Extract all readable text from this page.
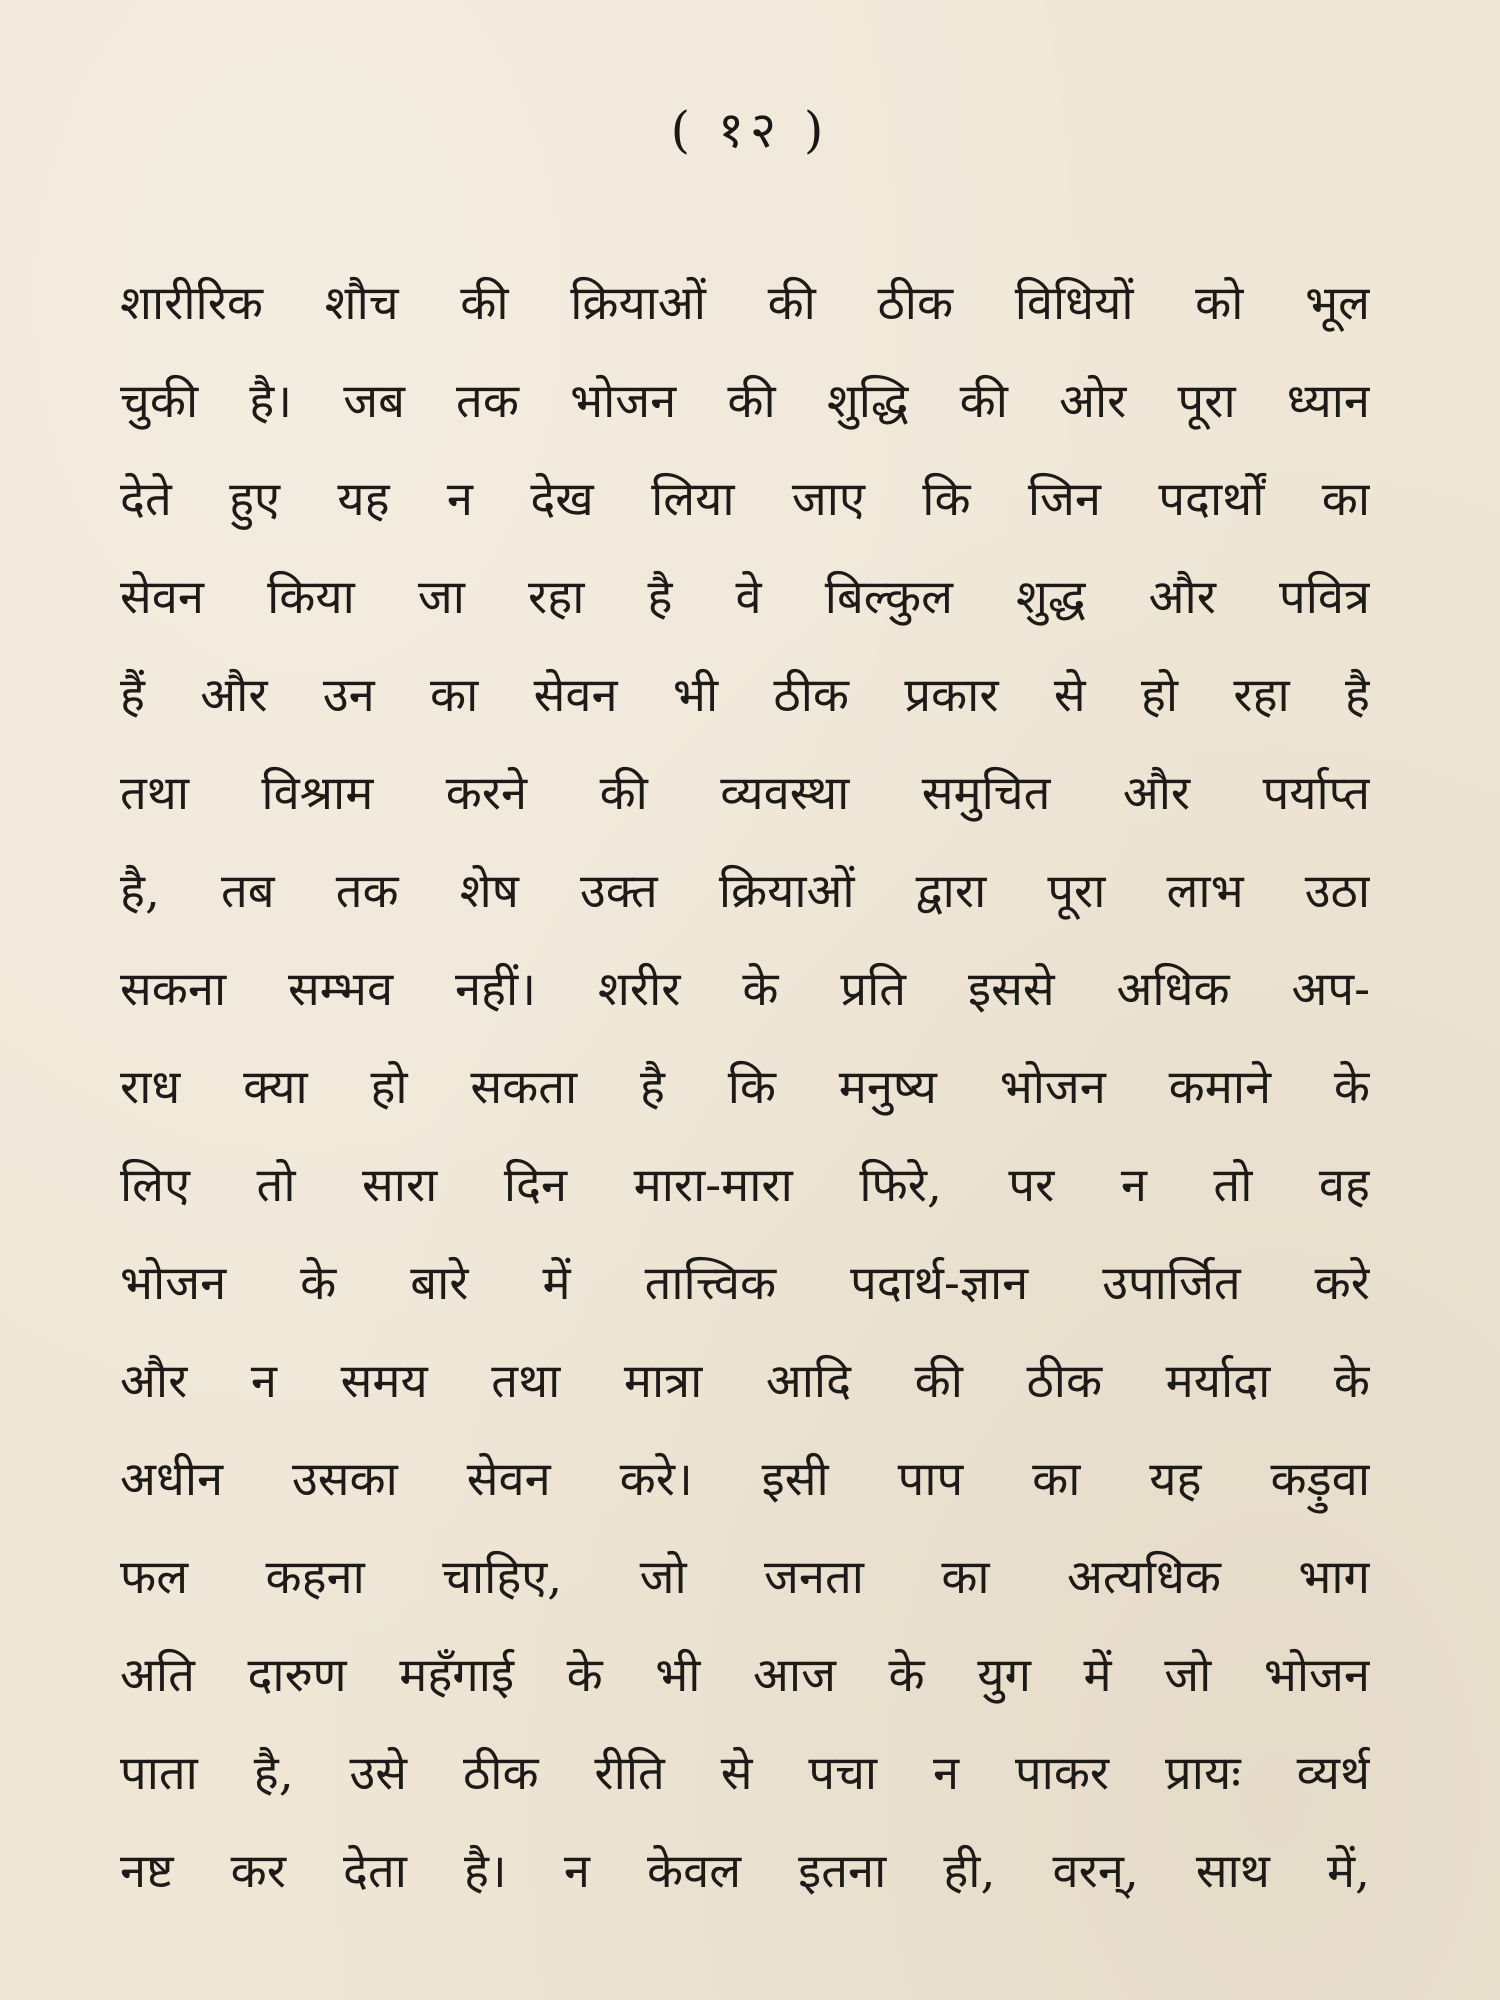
( १२ )
शारीरिक शौच की क्रियाओं की ठीक विधियों को भूल
चुकी है। जब तक भोजन की शुद्धि की ओर पूरा ध्यान
देते हुए यह न देख लिया जाए कि जिन पदार्थों का
सेवन किया जा रहा है वे बिल्कुल शुद्ध और पवित्र
हैं और उन का सेवन भी ठीक प्रकार से हो रहा है
तथा विश्राम करने की व्यवस्था समुचित और पर्याप्त
है, तब तक शेष उक्त क्रियाओं द्वारा पूरा लाभ उठा
सकना सम्भव नहीं। शरीर के प्रति इससे अधिक अप-
राध क्या हो सकता है कि मनुष्य भोजन कमाने के
लिए तो सारा दिन मारा-मारा फिरे, पर न तो वह
भोजन के बारे में तात्त्विक पदार्थ-ज्ञान उपार्जित करे
और न समय तथा मात्रा आदि की ठीक मर्यादा के
अधीन उसका सेवन करे। इसी पाप का यह कड़ुवा
फल कहना चाहिए, जो जनता का अत्यधिक भाग
अति दारुण महँगाई के भी आज के युग में जो भोजन
पाता है, उसे ठीक रीति से पचा न पाकर प्रायः व्यर्थ
नष्ट कर देता है। न केवल इतना ही, वरन्, साथ में,
